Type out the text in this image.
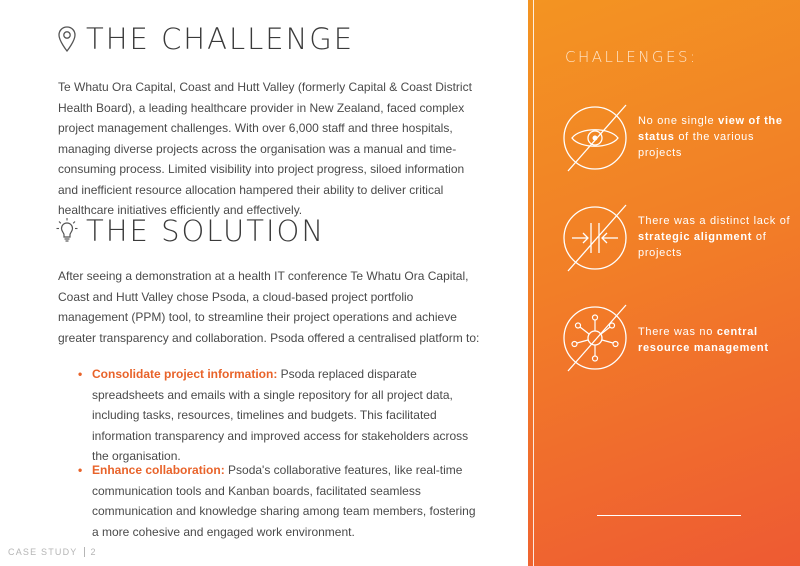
THE CHALLENGE

Te Whatu Ora Capital, Coast and Hutt Valley (formerly Capital & Coast District Health Board), a leading healthcare provider in New Zealand, faced complex project management challenges. With over 6,000 staff and three hospitals, managing diverse projects across the organisation was a manual and time-consuming process. Limited visibility into project progress, siloed information and inefficient resource allocation hampered their ability to deliver critical healthcare initiatives efficiently and effectively.

THE SOLUTION

After seeing a demonstration at a health IT conference Te Whatu Ora Capital, Coast and Hutt Valley chose Psoda, a cloud-based project portfolio management (PPM) tool, to streamline their project operations and achieve greater transparency and collaboration. Psoda offered a centralised platform to:

• Consolidate project information: Psoda replaced disparate spreadsheets and emails with a single repository for all project data, including tasks, resources, timelines and budgets. This facilitated information transparency and improved access for stakeholders across the organisation.
• Enhance collaboration: Psoda's collaborative features, like real-time communication tools and Kanban boards, facilitated seamless communication and knowledge sharing among team members, fostering a more cohesive and engaged work environment.
CASE STUDY 2
CHALLENGES:

No one single view of the status of the various projects

There was a distinct lack of strategic alignment of projects

There was no central resource management
